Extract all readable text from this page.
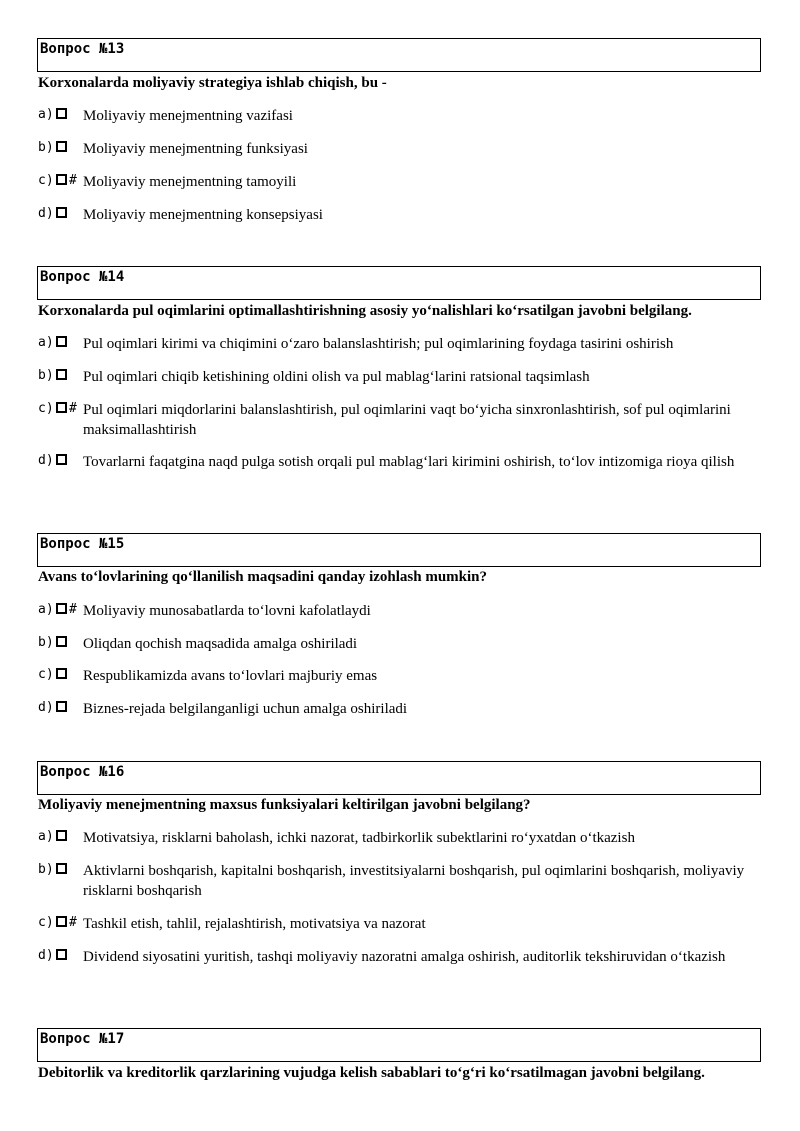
Вопрос №13
Korxonalarda moliyaviy strategiya ishlab chiqish, bu -
a) Moliyaviy menejmentning vazifasi
b) Moliyaviy menejmentning funksiyasi
c) # Moliyaviy menejmentning tamoyili
d) Moliyaviy menejmentning konsepsiyasi
Вопрос №14
Korxonalarda pul oqimlarini optimallashtirishning asosiy yo‘nalishlari ko‘rsatilgan javobni belgilang.
a) Pul oqimlari kirimi va chiqimini o‘zaro balanslashtirish; pul oqimlarining foydaga tasirini oshirish
b) Pul oqimlari chiqib ketishining oldini olish va pul mablag‘larini ratsional taqsimlash
c) # Pul oqimlari miqdorlarini balanslashtirish, pul oqimlarini vaqt bo‘yicha sinxronlashtirish, sof pul oqimlarini maksimallashtirish
d) Tovarlarni faqatgina naqd pulga sotish orqali pul mablag‘lari kirimini oshirish, to‘lov intizomiga rioya qilish
Вопрос №15
Avans to‘lovlarining qo‘llanilish maqsadini qanday izohlash mumkin?
a) # Moliyaviy munosabatlarda to‘lovni kafolatlaydi
b) Oliqdan qochish maqsadida amalga oshiriladi
c) Respublikamizda avans to‘lovlari majburiy emas
d) Biznes-rejada belgilanganligi uchun amalga oshiriladi
Вопрос №16
Moliyaviy menejmentning maxsus funksiyalari keltirilgan javobni belgilang?
a) Motivatsiya, risklarni baholash, ichki nazorat, tadbirkorlik subektlarini ro‘yxatdan o‘tkazish
b) Aktivlarni boshqarish, kapitalni boshqarish, investitsiyalarni boshqarish, pul oqimlarini boshqarish, moliyaviy risklarni boshqarish
c) # Tashkil etish, tahlil, rejalashtirish, motivatsiya va nazorat
d) Dividend siyosatini yuritish, tashqi moliyaviy nazoratni amalga oshirish, auditorlik tekshiruvidan o‘tkazish
Вопрос №17
Debitorlik va kreditorlik qarzlarining vujudga kelish sabablari to‘g‘ri ko‘rsatilmagan javobni belgilang.
